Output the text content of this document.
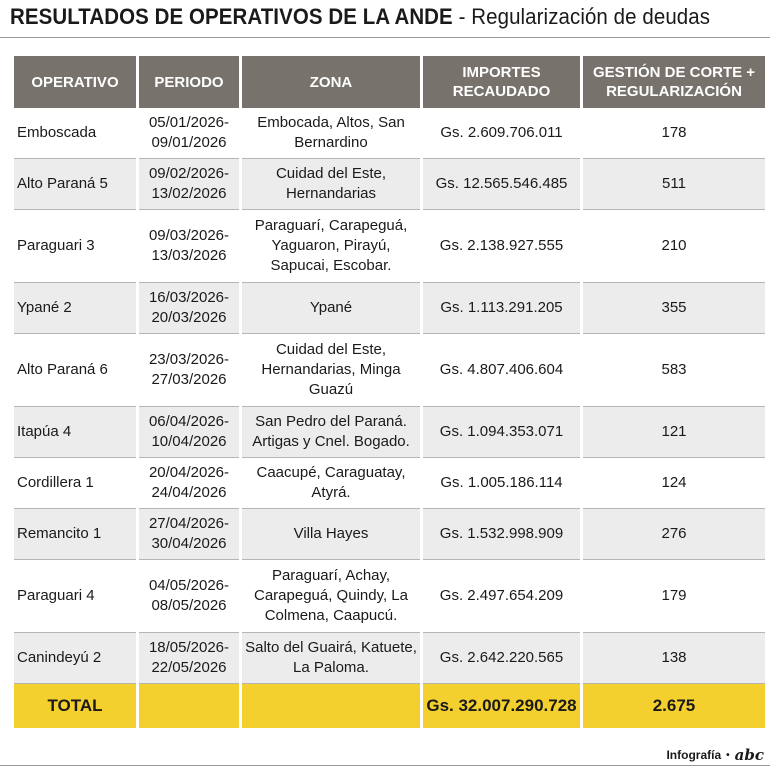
RESULTADOS DE OPERATIVOS DE LA ANDE - Regularización de deudas
OPERATIVO	PERIODO	ZONA	IMPORTES RECAUDADO	GESTIÓN DE CORTE + REGULARIZACIÓN
Emboscada	05/01/2026-09/01/2026	Embocada, Altos, San Bernardino	Gs. 2.609.706.011	178
Alto Paraná 5	09/02/2026-13/02/2026	Cuidad del Este, Hernandarias	Gs. 12.565.546.485	511
Paraguari 3	09/03/2026-13/03/2026	Paraguarí, Carapeguá, Yaguaron, Pirayú, Sapucai, Escobar.	Gs. 2.138.927.555	210
Ypané 2	16/03/2026-20/03/2026	Ypané	Gs. 1.113.291.205	355
Alto Paraná 6	23/03/2026-27/03/2026	Cuidad del Este, Hernandarias, Minga Guazú	Gs. 4.807.406.604	583
Itapúa 4	06/04/2026-10/04/2026	San Pedro del Paraná. Artigas y Cnel. Bogado.	Gs. 1.094.353.071	121
Cordillera 1	20/04/2026-24/04/2026	Caacupé, Caraguatay, Atyrá.	Gs. 1.005.186.114	124
Remancito 1	27/04/2026-30/04/2026	Villa Hayes	Gs. 1.532.998.909	276
Paraguari 4	04/05/2026-08/05/2026	Paraguarí, Achay, Carapeguá, Quindy, La Colmena, Caapucú.	Gs. 2.497.654.209	179
Canindeyú 2	18/05/2026-22/05/2026	Salto del Guairá, Katuete, La Paloma.	Gs. 2.642.220.565	138
TOTAL			Gs. 32.007.290.728	2.675
Infografía • abc
